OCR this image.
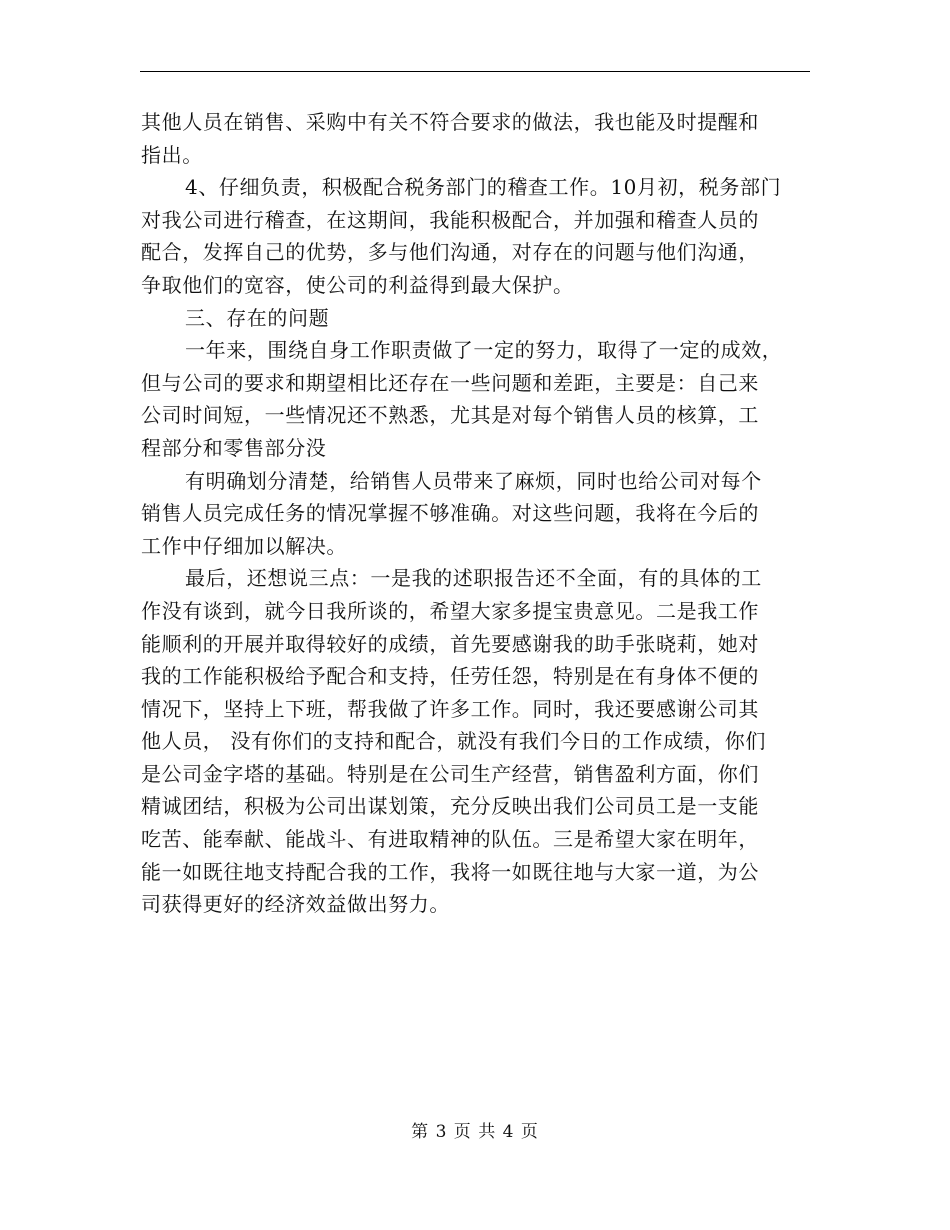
其他人员在销售、采购中有关不符合要求的做法，我也能及时提醒和
指出。
4、仔细负责，积极配合税务部门的稽查工作。10月初，税务部门
对我公司进行稽查，在这期间，我能积极配合，并加强和稽查人员的
配合，发挥自己的优势，多与他们沟通，对存在的问题与他们沟通，
争取他们的宽容，使公司的利益得到最大保护。
三、存在的问题
一年来，围绕自身工作职责做了一定的努力，取得了一定的成效，
但与公司的要求和期望相比还存在一些问题和差距，主要是：自己来
公司时间短，一些情况还不熟悉，尤其是对每个销售人员的核算，工
程部分和零售部分没
有明确划分清楚，给销售人员带来了麻烦，同时也给公司对每个
销售人员完成任务的情况掌握不够准确。对这些问题，我将在今后的
工作中仔细加以解决。
最后，还想说三点：一是我的述职报告还不全面，有的具体的工
作没有谈到，就今日我所谈的，希望大家多提宝贵意见。二是我工作
能顺利的开展并取得较好的成绩，首先要感谢我的助手张晓莉，她对
我的工作能积极给予配合和支持，任劳任怨，特别是在有身体不便的
情况下，坚持上下班，帮我做了许多工作。同时，我还要感谢公司其
他人员， 没有你们的支持和配合，就没有我们今日的工作成绩，你们
是公司金字塔的基础。特别是在公司生产经营，销售盈利方面，你们
精诚团结，积极为公司出谋划策，充分反映出我们公司员工是一支能
吃苦、能奉献、能战斗、有进取精神的队伍。三是希望大家在明年，
能一如既往地支持配合我的工作，我将一如既往地与大家一道，为公
司获得更好的经济效益做出努力。
第 3 页 共 4 页
